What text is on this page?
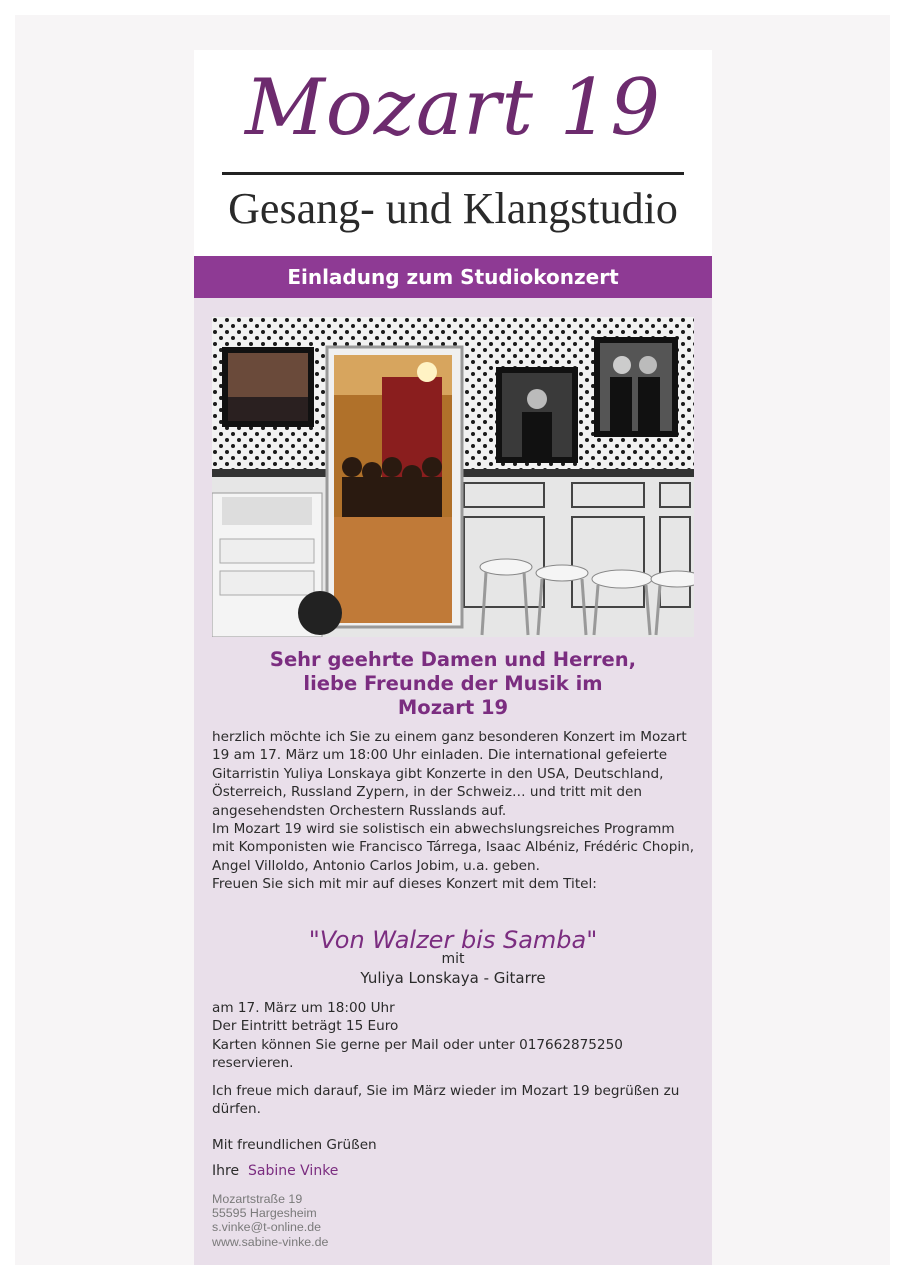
Mozart 19
Gesang- und Klangstudio
Einladung zum Studiokonzert
Sehr geehrte Damen und Herren,
liebe Freunde der Musik im
Mozart 19
herzlich möchte ich Sie zu einem ganz besonderen Konzert im Mozart
19 am 17. März um 18:00 Uhr einladen. Die international gefeierte
Gitarristin Yuliya Lonskaya gibt Konzerte in den USA, Deutschland,
Österreich, Russland Zypern, in der Schweiz… und tritt mit den
angesehendsten Orchestern Russlands auf.
Im Mozart 19 wird sie solistisch ein abwechslungsreiches Programm
mit Komponisten wie Francisco Tárrega, Isaac Albéniz, Frédéric Chopin,
Angel Villoldo, Antonio Carlos Jobim, u.a. geben.
Freuen Sie sich mit mir auf dieses Konzert mit dem Titel:
"Von Walzer bis Samba"
mit
Yuliya Lonskaya - Gitarre
am 17. März um 18:00 Uhr
Der Eintritt beträgt 15 Euro
Karten können Sie gerne per Mail oder unter 017662875250
reservieren.
Ich freue mich darauf, Sie im März wieder im Mozart 19 begrüßen zu
dürfen.
Mit freundlichen Grüßen
Ihre Sabine Vinke
Mozartstraße 19
55595 Hargesheim
s.vinke@t-online.de
www.sabine-vinke.de
